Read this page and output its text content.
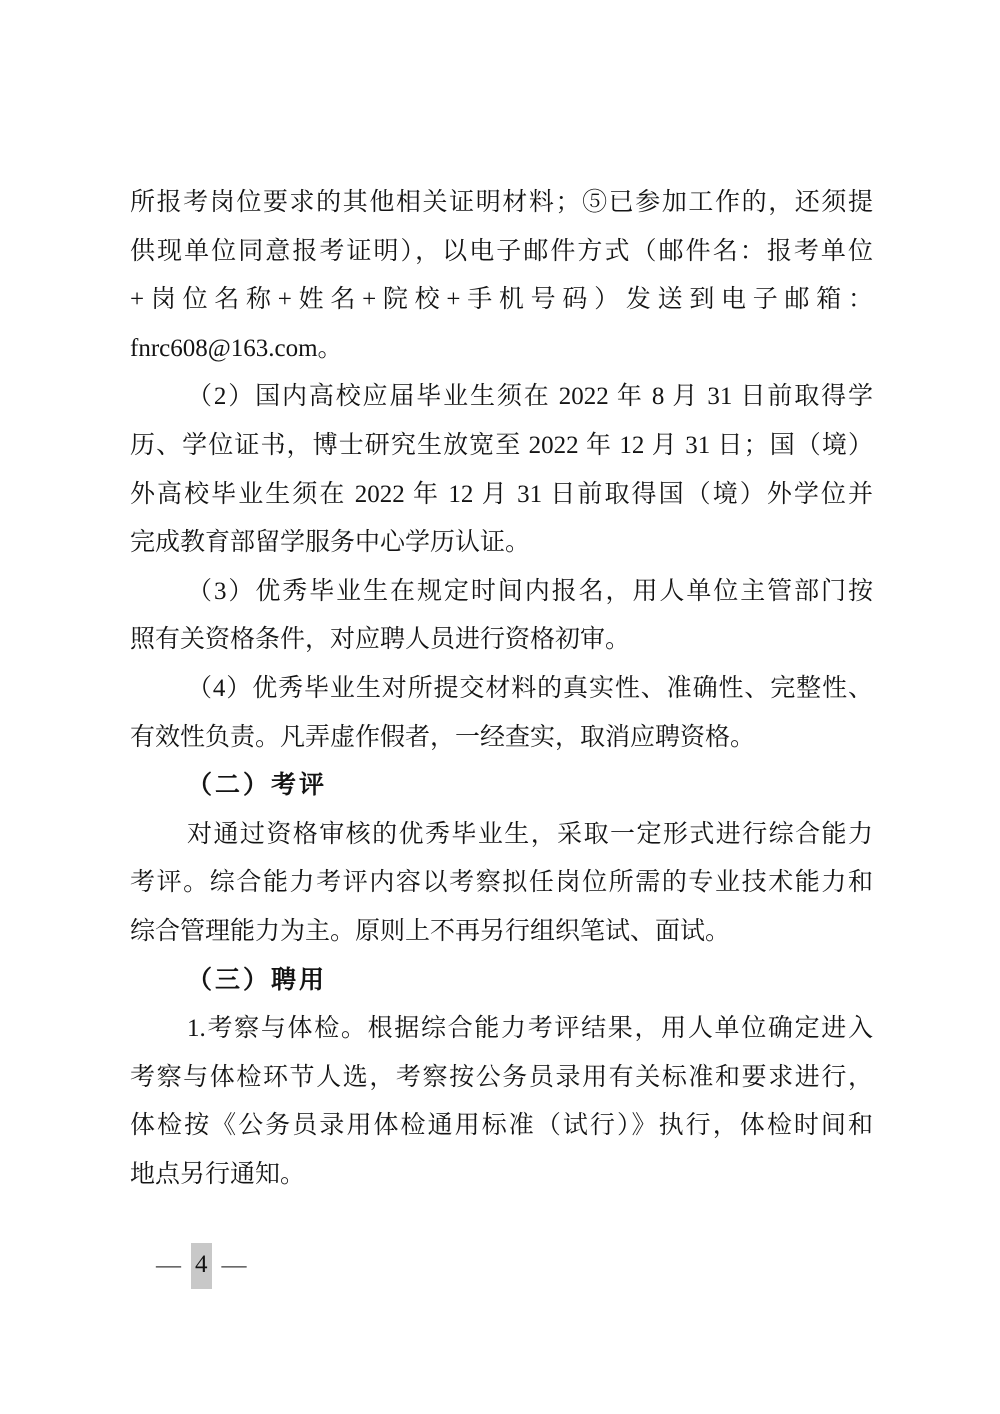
所报考岗位要求的其他相关证明材料；⑤已参加工作的，还须提
供现单位同意报考证明），以电子邮件方式（邮件名：报考单位
+岗位名称+姓名+院校+手机号码）发送到电子邮箱：
fnrc608@163.com。
（2）国内高校应届毕业生须在 2022 年 8 月 31 日前取得学
历、学位证书，博士研究生放宽至 2022 年 12 月 31 日；国（境）
外高校毕业生须在 2022 年 12 月 31 日前取得国（境）外学位并
完成教育部留学服务中心学历认证。
（3）优秀毕业生在规定时间内报名，用人单位主管部门按
照有关资格条件，对应聘人员进行资格初审。
（4）优秀毕业生对所提交材料的真实性、准确性、完整性、
有效性负责。凡弄虚作假者，一经查实，取消应聘资格。
（二）考评
对通过资格审核的优秀毕业生，采取一定形式进行综合能力
考评。综合能力考评内容以考察拟任岗位所需的专业技术能力和
综合管理能力为主。原则上不再另行组织笔试、面试。
（三）聘用
1.考察与体检。根据综合能力考评结果，用人单位确定进入
考察与体检环节人选，考察按公务员录用有关标准和要求进行，
体检按《公务员录用体检通用标准（试行）》执行，体检时间和
地点另行通知。
— 4 —
